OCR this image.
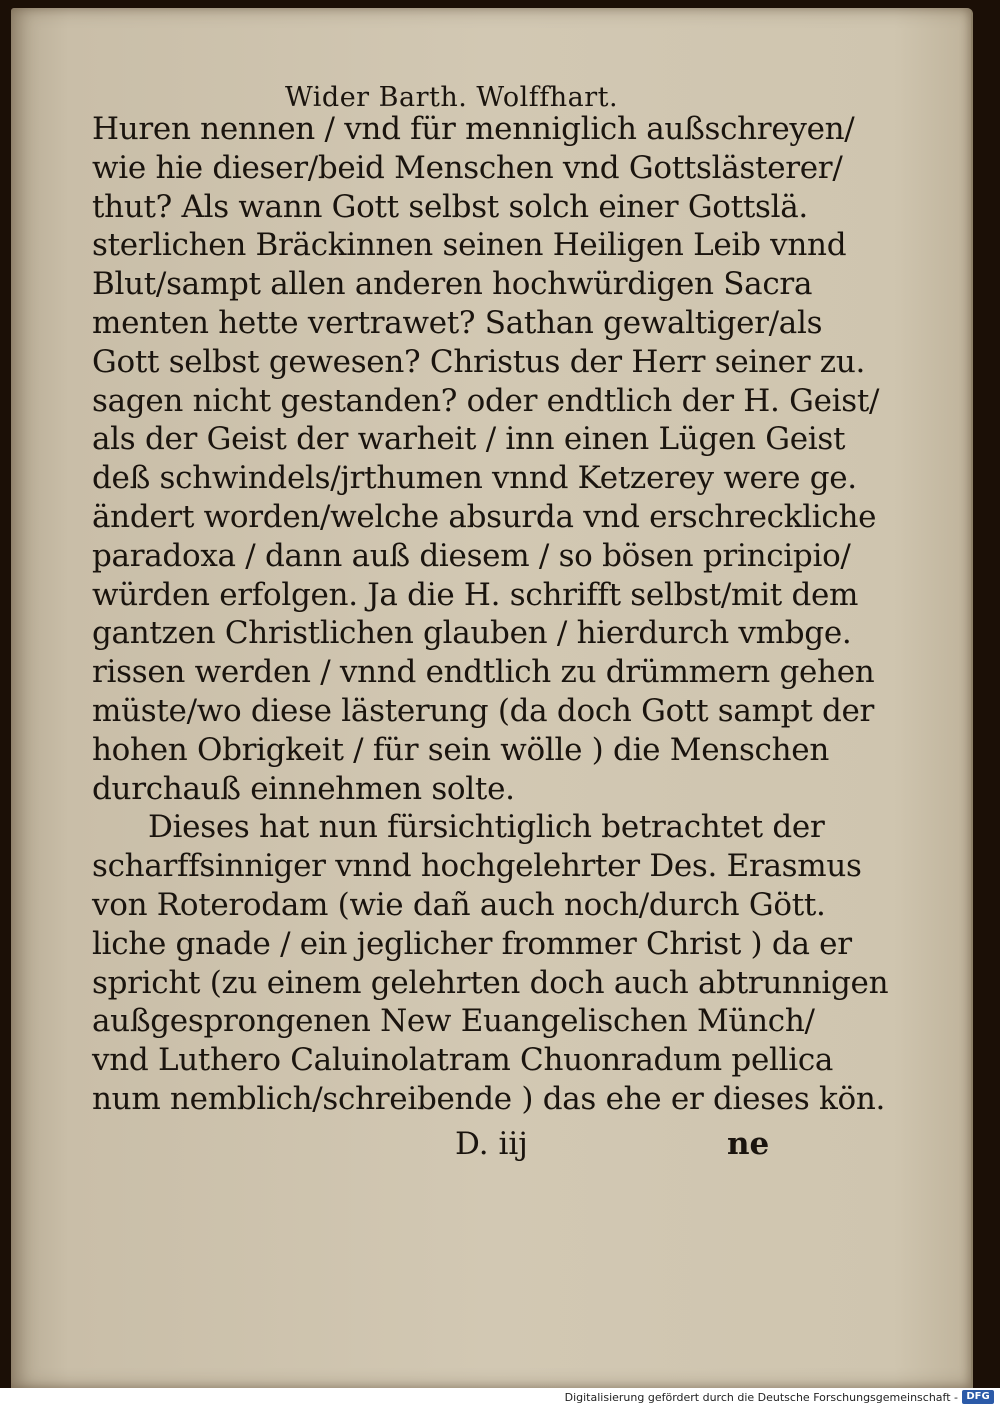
Wider Barth. Wolffhart.
Huren nennen / vnd für menniglich außschreyen/
wie hie dieser/beid Menschen vnd Gottslästerer/
thut? Als wann Gott selbst solch einer Gottslä.
sterlichen Bräckinnen seinen Heiligen Leib vnnd
Blut/sampt allen anderen hochwürdigen Sacra
menten hette vertrawet? Sathan gewaltiger/als
Gott selbst gewesen? Christus der Herr seiner zu.
sagen nicht gestanden? oder endtlich der H. Geist/
als der Geist der warheit / inn einen Lügen Geist
deß schwindels/jrthumen vnnd Ketzerey were ge.
ändert worden/welche absurda vnd erschreckliche
paradoxa / dann auß diesem / so bösen principio/
würden erfolgen. Ja die H. schrifft selbst/mit dem
gantzen Christlichen glauben / hierdurch vmbge.
rissen werden / vnnd endtlich zu drümmern gehen
müste/wo diese lästerung (da doch Gott sampt der
hohen Obrigkeit / für sein wölle ) die Menschen
durchauß einnehmen solte.
Dieses hat nun fürsichtiglich betrachtet der
scharffsinniger vnnd hochgelehrter Des. Erasmus
von Roterodam (wie dañ auch noch/durch Gött.
liche gnade / ein jeglicher frommer Christ ) da er
spricht (zu einem gelehrten doch auch abtrunnigen
außgesprongenen New Euangelischen Münch/
vnd Luthero Caluinolatram Chuonradum pellica
num nemblich/schreibende ) das ehe er dieses kön.
D. iij	ne
Digitalisierung gefördert durch die Deutsche Forschungsgemeinschaft - DFG
